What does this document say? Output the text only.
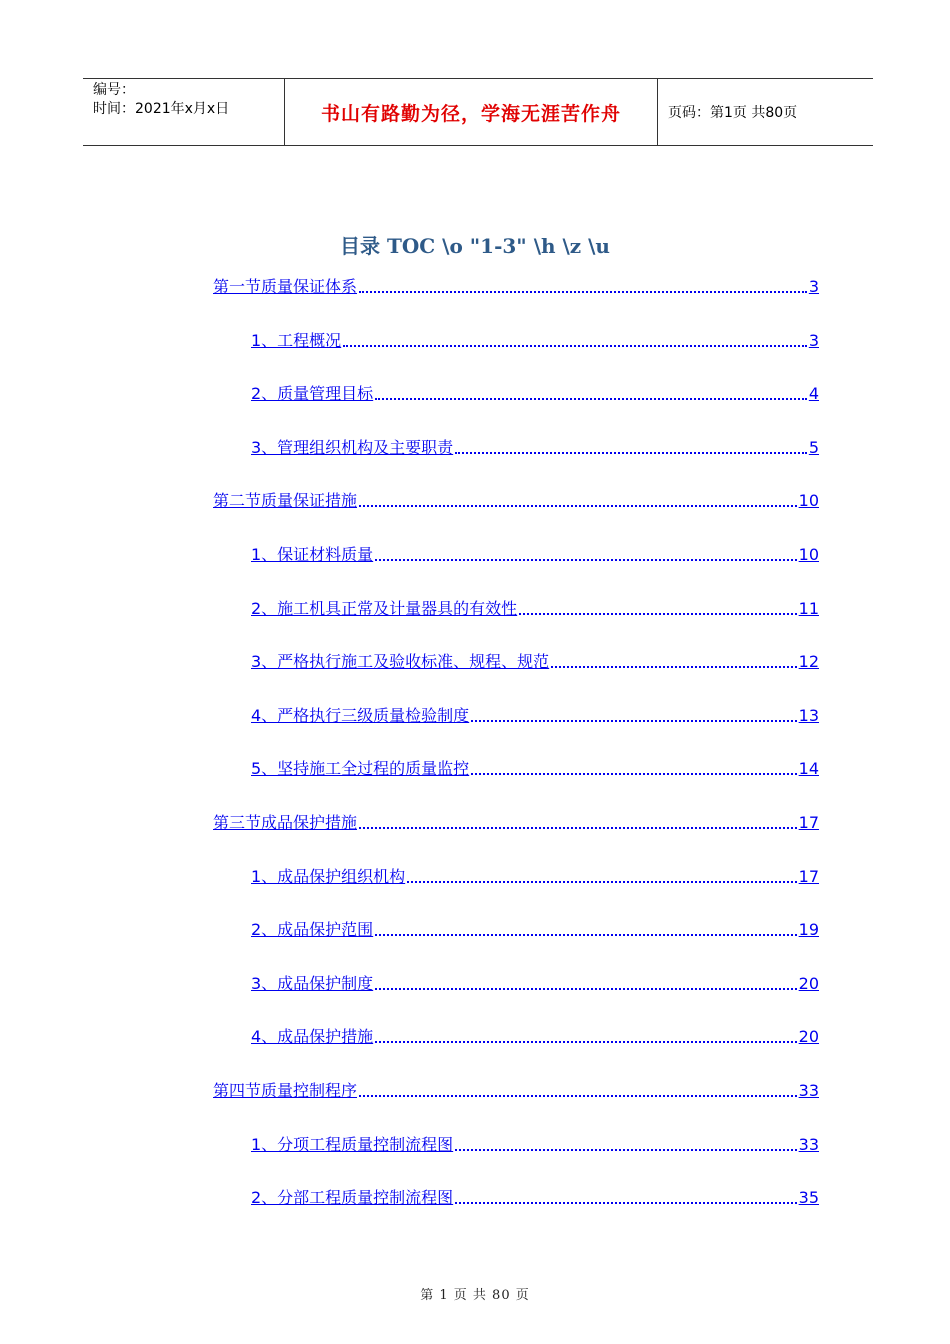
编号：
时间：2021年x月x日	书山有路勤为径，学海无涯苦作舟	页码：第1页 共80页
目录 TOC \o "1-3" \h \z \u
第一节质量保证体系	3
1、工程概况	3
2、质量管理目标	4
3、管理组织机构及主要职责	5
第二节质量保证措施	10
1、保证材料质量	10
2、施工机具正常及计量器具的有效性	11
3、严格执行施工及验收标准、规程、规范	12
4、严格执行三级质量检验制度	13
5、坚持施工全过程的质量监控	14
第三节成品保护措施	17
1、成品保护组织机构	17
2、成品保护范围	19
3、成品保护制度	20
4、成品保护措施	20
第四节质量控制程序	33
1、分项工程质量控制流程图	33
2、分部工程质量控制流程图	35
第 1 页 共 80 页
